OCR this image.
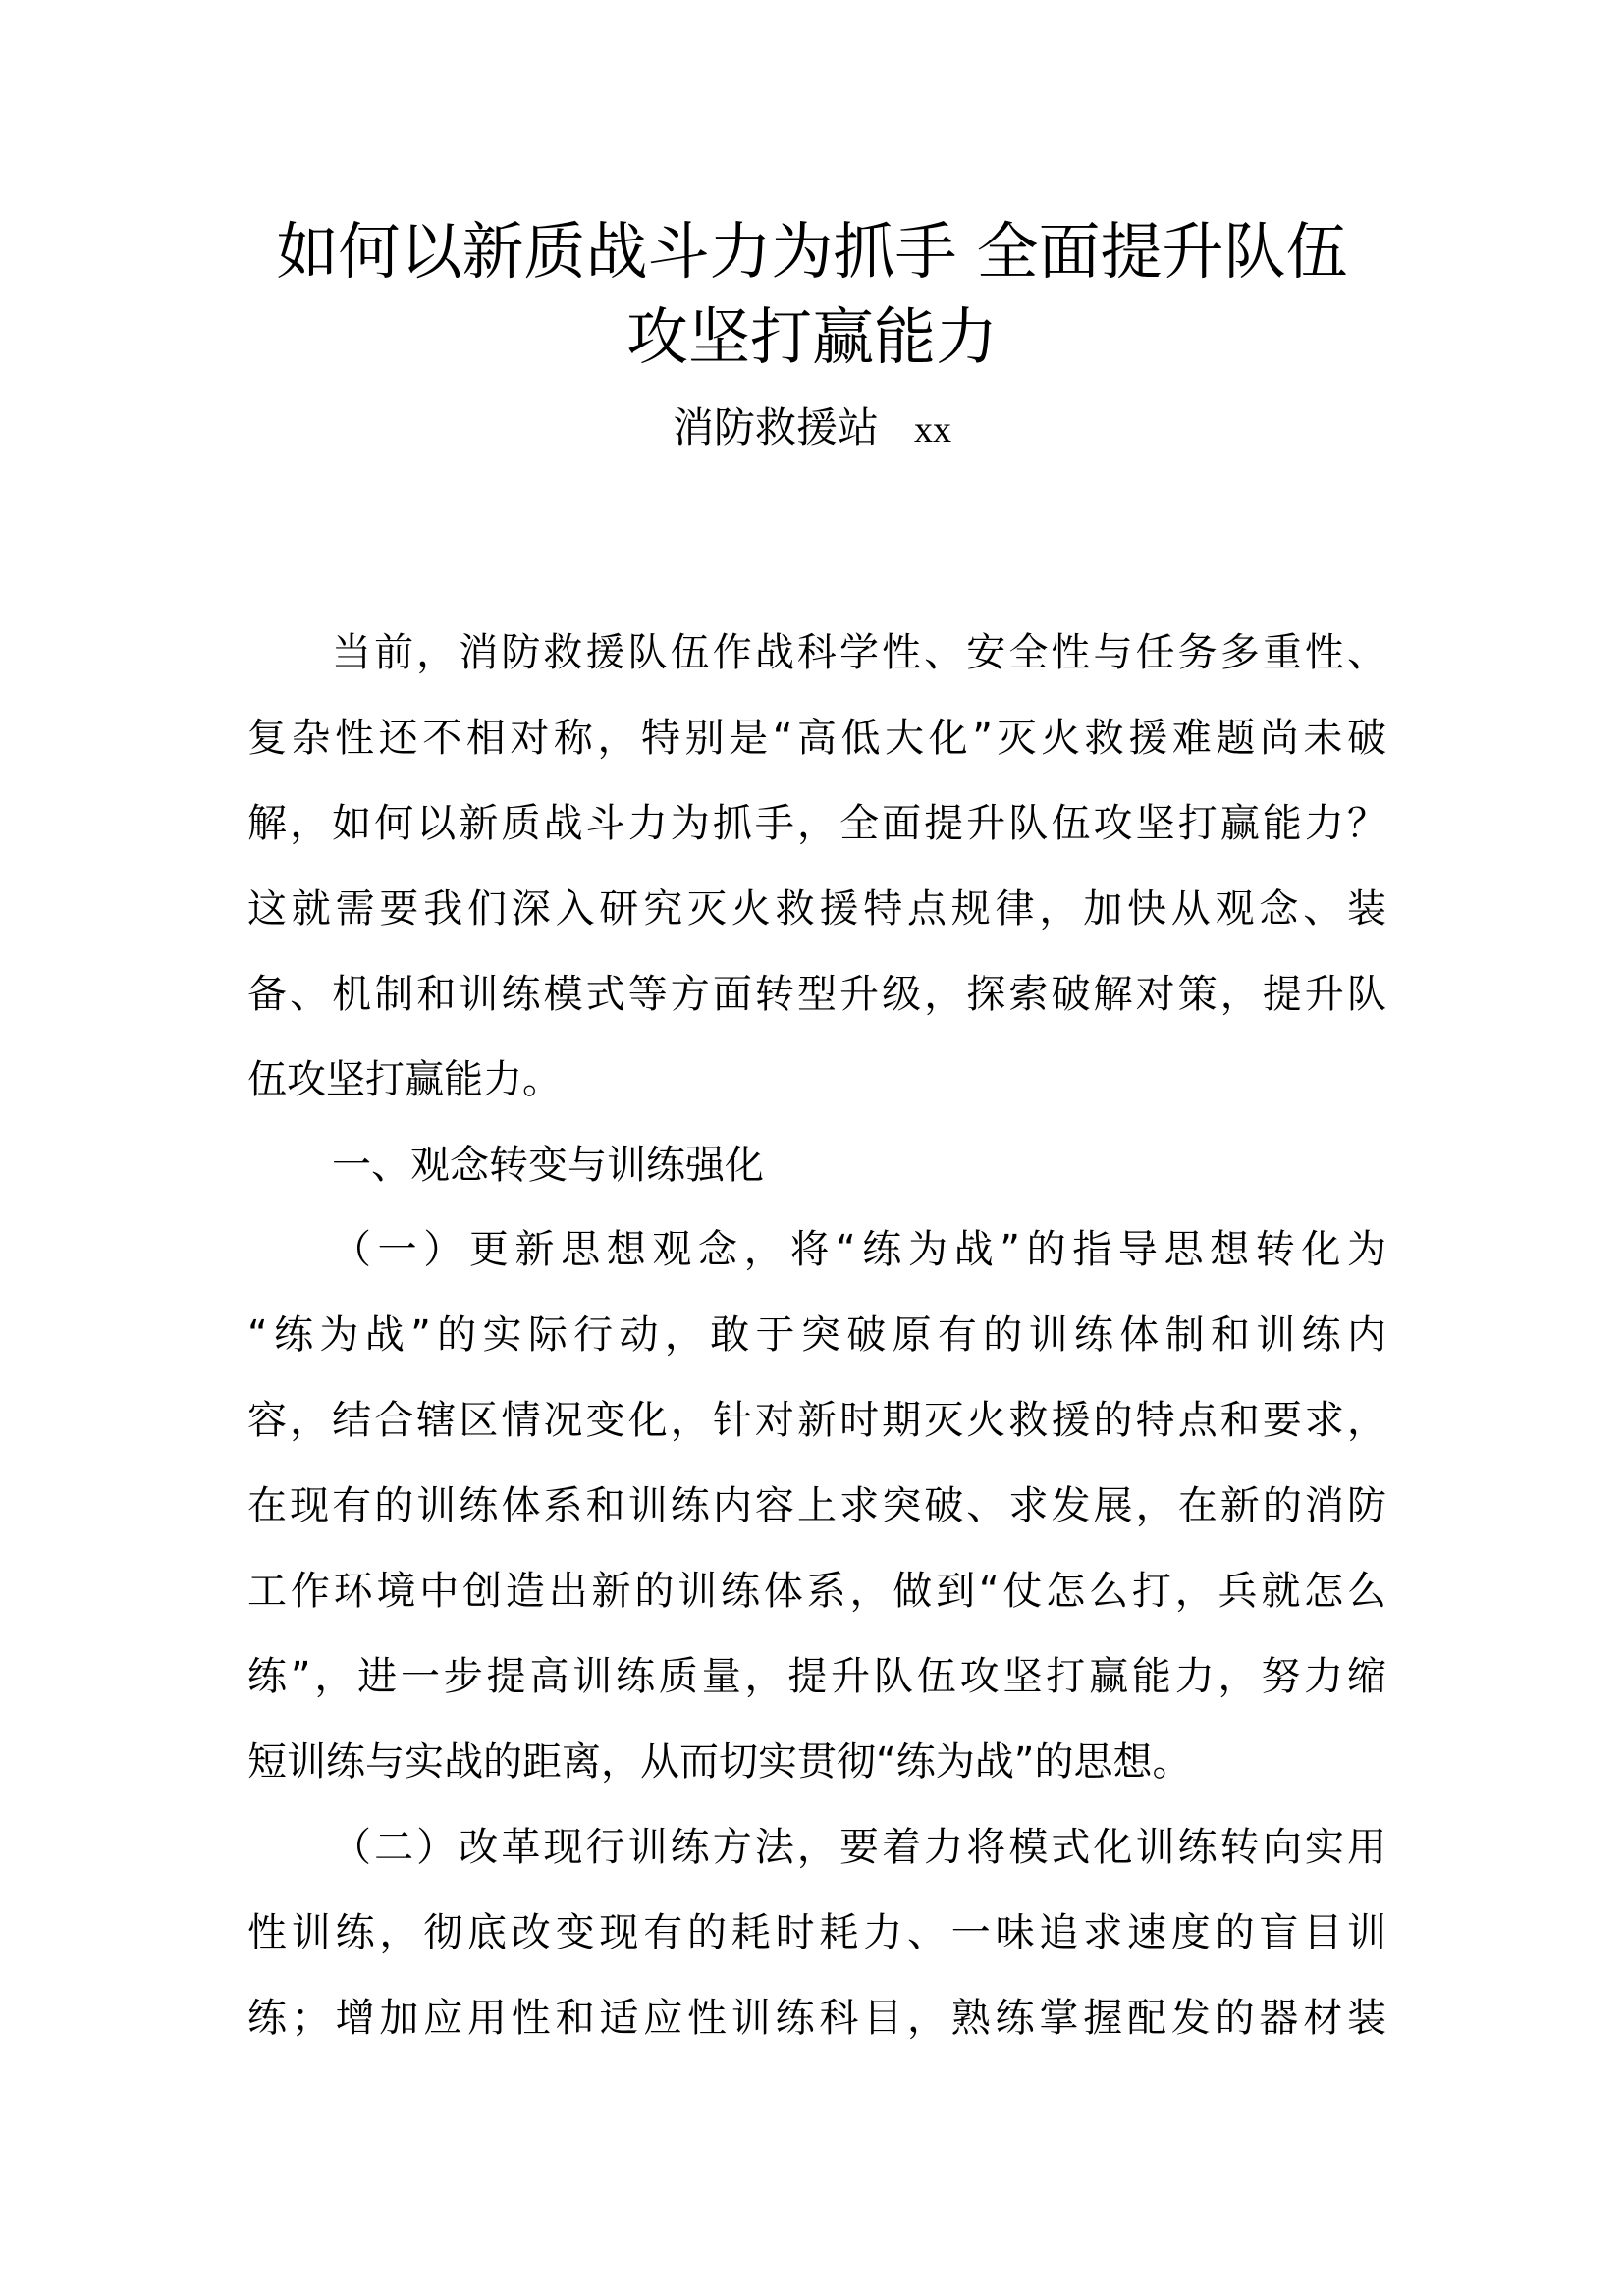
如何以新质战斗力为抓手 全面提升队伍
攻坚打赢能力
消防救援站 xx
当前，消防救援队伍作战科学性、安全性与任务多重性、
复杂性还不相对称，特别是“高低大化”灭火救援难题尚未破
解，如何以新质战斗力为抓手，全面提升队伍攻坚打赢能力？
这就需要我们深入研究灭火救援特点规律，加快从观念、装
备、机制和训练模式等方面转型升级，探索破解对策，提升队
伍攻坚打赢能力。
一、观念转变与训练强化
（一）更新思想观念，将“练为战”的指导思想转化为
“练为战”的实际行动，敢于突破原有的训练体制和训练内
容，结合辖区情况变化，针对新时期灭火救援的特点和要求，
在现有的训练体系和训练内容上求突破、求发展，在新的消防
工作环境中创造出新的训练体系，做到“仗怎么打，兵就怎么
练”，进一步提高训练质量，提升队伍攻坚打赢能力，努力缩
短训练与实战的距离，从而切实贯彻“练为战”的思想。
（二）改革现行训练方法，要着力将模式化训练转向实用
性训练，彻底改变现有的耗时耗力、一味追求速度的盲目训
练；增加应用性和适应性训练科目，熟练掌握配发的器材装
